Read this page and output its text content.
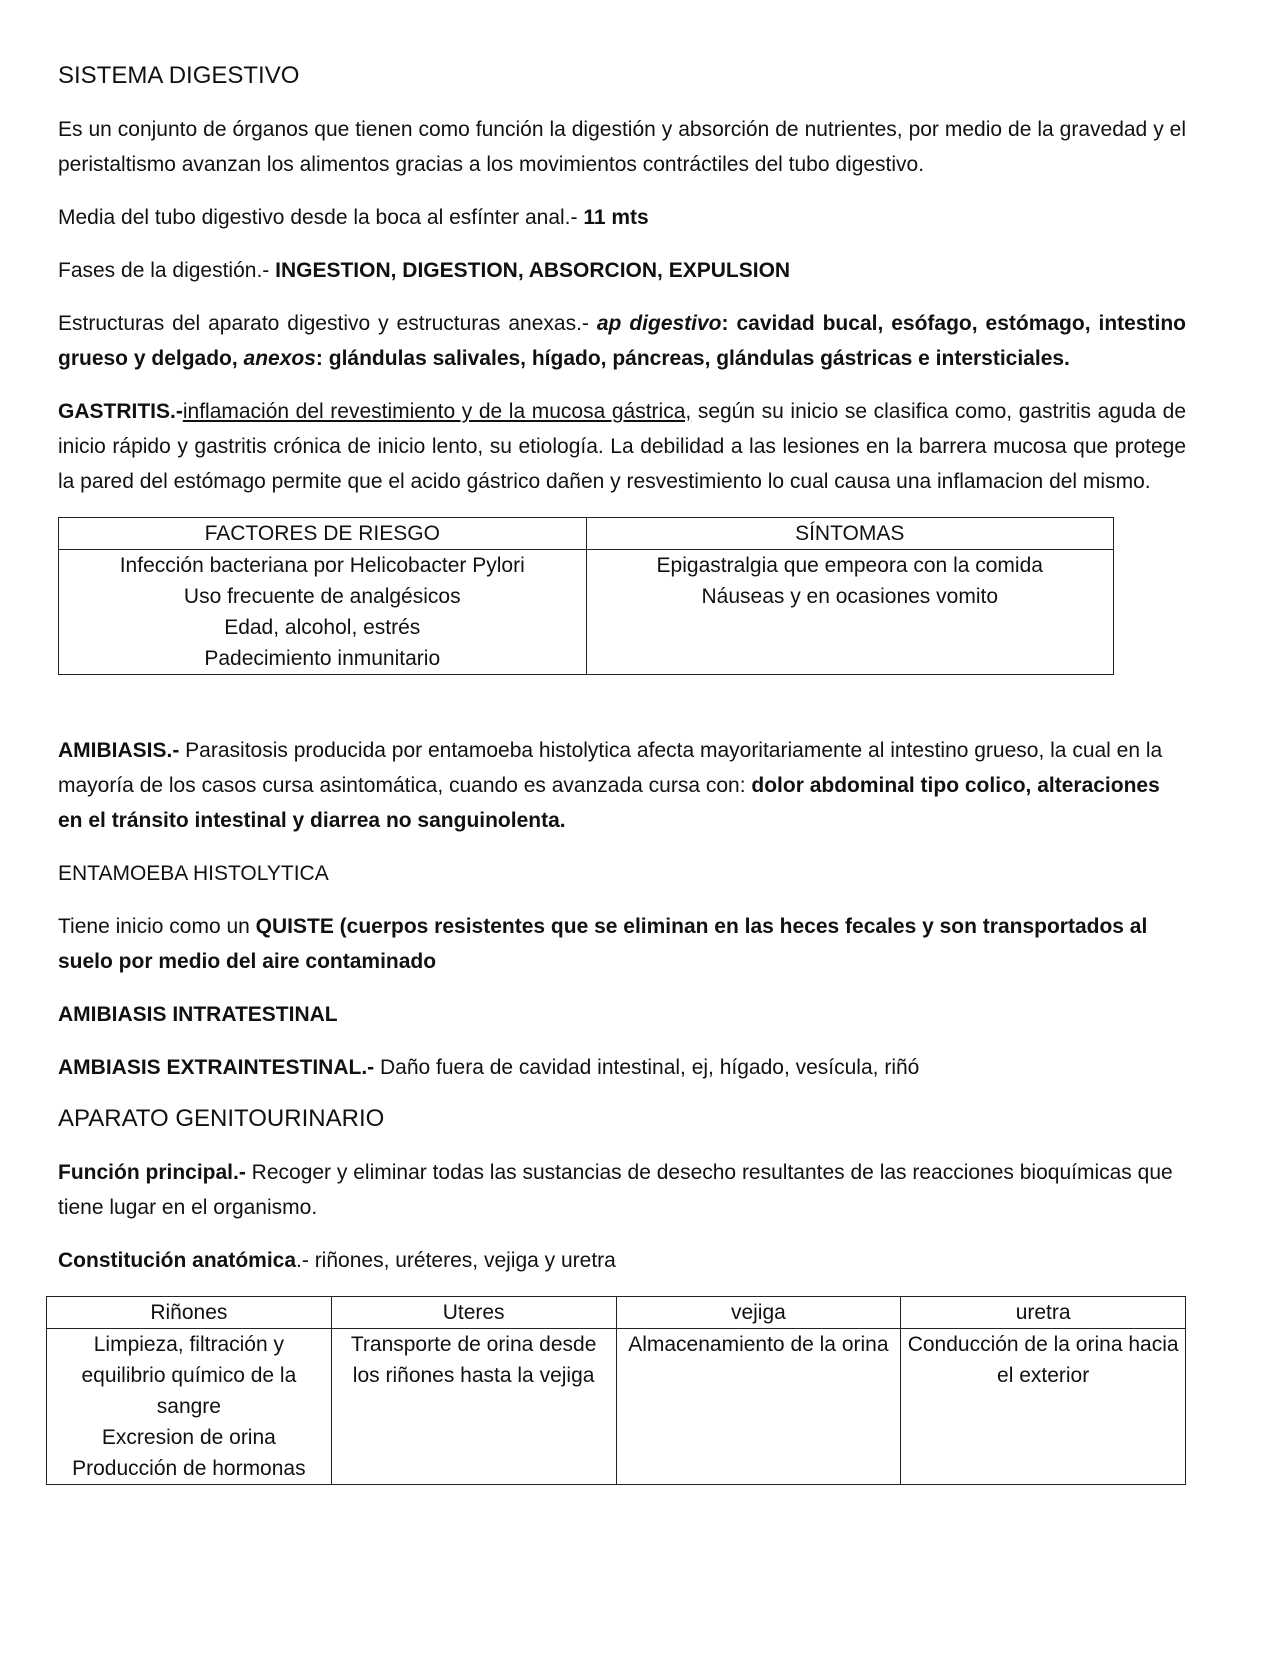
SISTEMA DIGESTIVO

Es un conjunto de órganos que tienen como función la digestión y absorción de nutrientes, por medio de la gravedad y el peristaltismo avanzan los alimentos gracias a los movimientos contráctiles del tubo digestivo.

Media del tubo digestivo desde la boca al esfínter anal.- 11 mts

Fases de la digestión.- INGESTION, DIGESTION, ABSORCION, EXPULSION

Estructuras del aparato digestivo y estructuras anexas.- ap digestivo: cavidad bucal, esófago, estómago, intestino grueso y delgado, anexos: glándulas salivales, hígado, páncreas, glándulas gástricas e intersticiales.

GASTRITIS.-inflamación del revestimiento y de la mucosa gástrica, según su inicio se clasifica como, gastritis aguda de inicio rápido y gastritis crónica de inicio lento, su etiología. La debilidad a las lesiones en la barrera mucosa que protege la pared del estómago permite que el acido gástrico dañen y resvestimiento lo cual causa una inflamacion del mismo.

FACTORES DE RIESGO	SÍNTOMAS

Infección bacteriana por Helicobacter Pylori
Uso frecuente de analgésicos
Edad, alcohol, estrés
Padecimiento inmunitario	Epigastralgia que empeora con la comida
Náuseas y en ocasiones vomito

AMIBIASIS.- Parasitosis producida por entamoeba histolytica afecta mayoritariamente al intestino grueso, la cual en la mayoría de los casos cursa asintomática, cuando es avanzada cursa con: dolor abdominal tipo colico, alteraciones en el tránsito intestinal y diarrea no sanguinolenta.

ENTAMOEBA HISTOLYTICA

Tiene inicio como un QUISTE (cuerpos resistentes que se eliminan en las heces fecales y son transportados al suelo por medio del aire contaminado

AMIBIASIS INTRATESTINAL

AMBIASIS EXTRAINTESTINAL.- Daño fuera de cavidad intestinal, ej, hígado, vesícula, riñó

APARATO GENITOURINARIO

Función principal.- Recoger y eliminar todas las sustancias de desecho resultantes de las reacciones bioquímicas que tiene lugar en el organismo.

Constitución anatómica.- riñones, uréteres, vejiga y uretra

Riñones	Uteres	vejiga	uretra

Limpieza, filtración y equilibrio químico de la sangre
Excresion de orina
Producción de hormonas	Transporte de orina desde los riñones hasta la vejiga	Almacenamiento de la orina	Conducción de la orina hacia el exterior
